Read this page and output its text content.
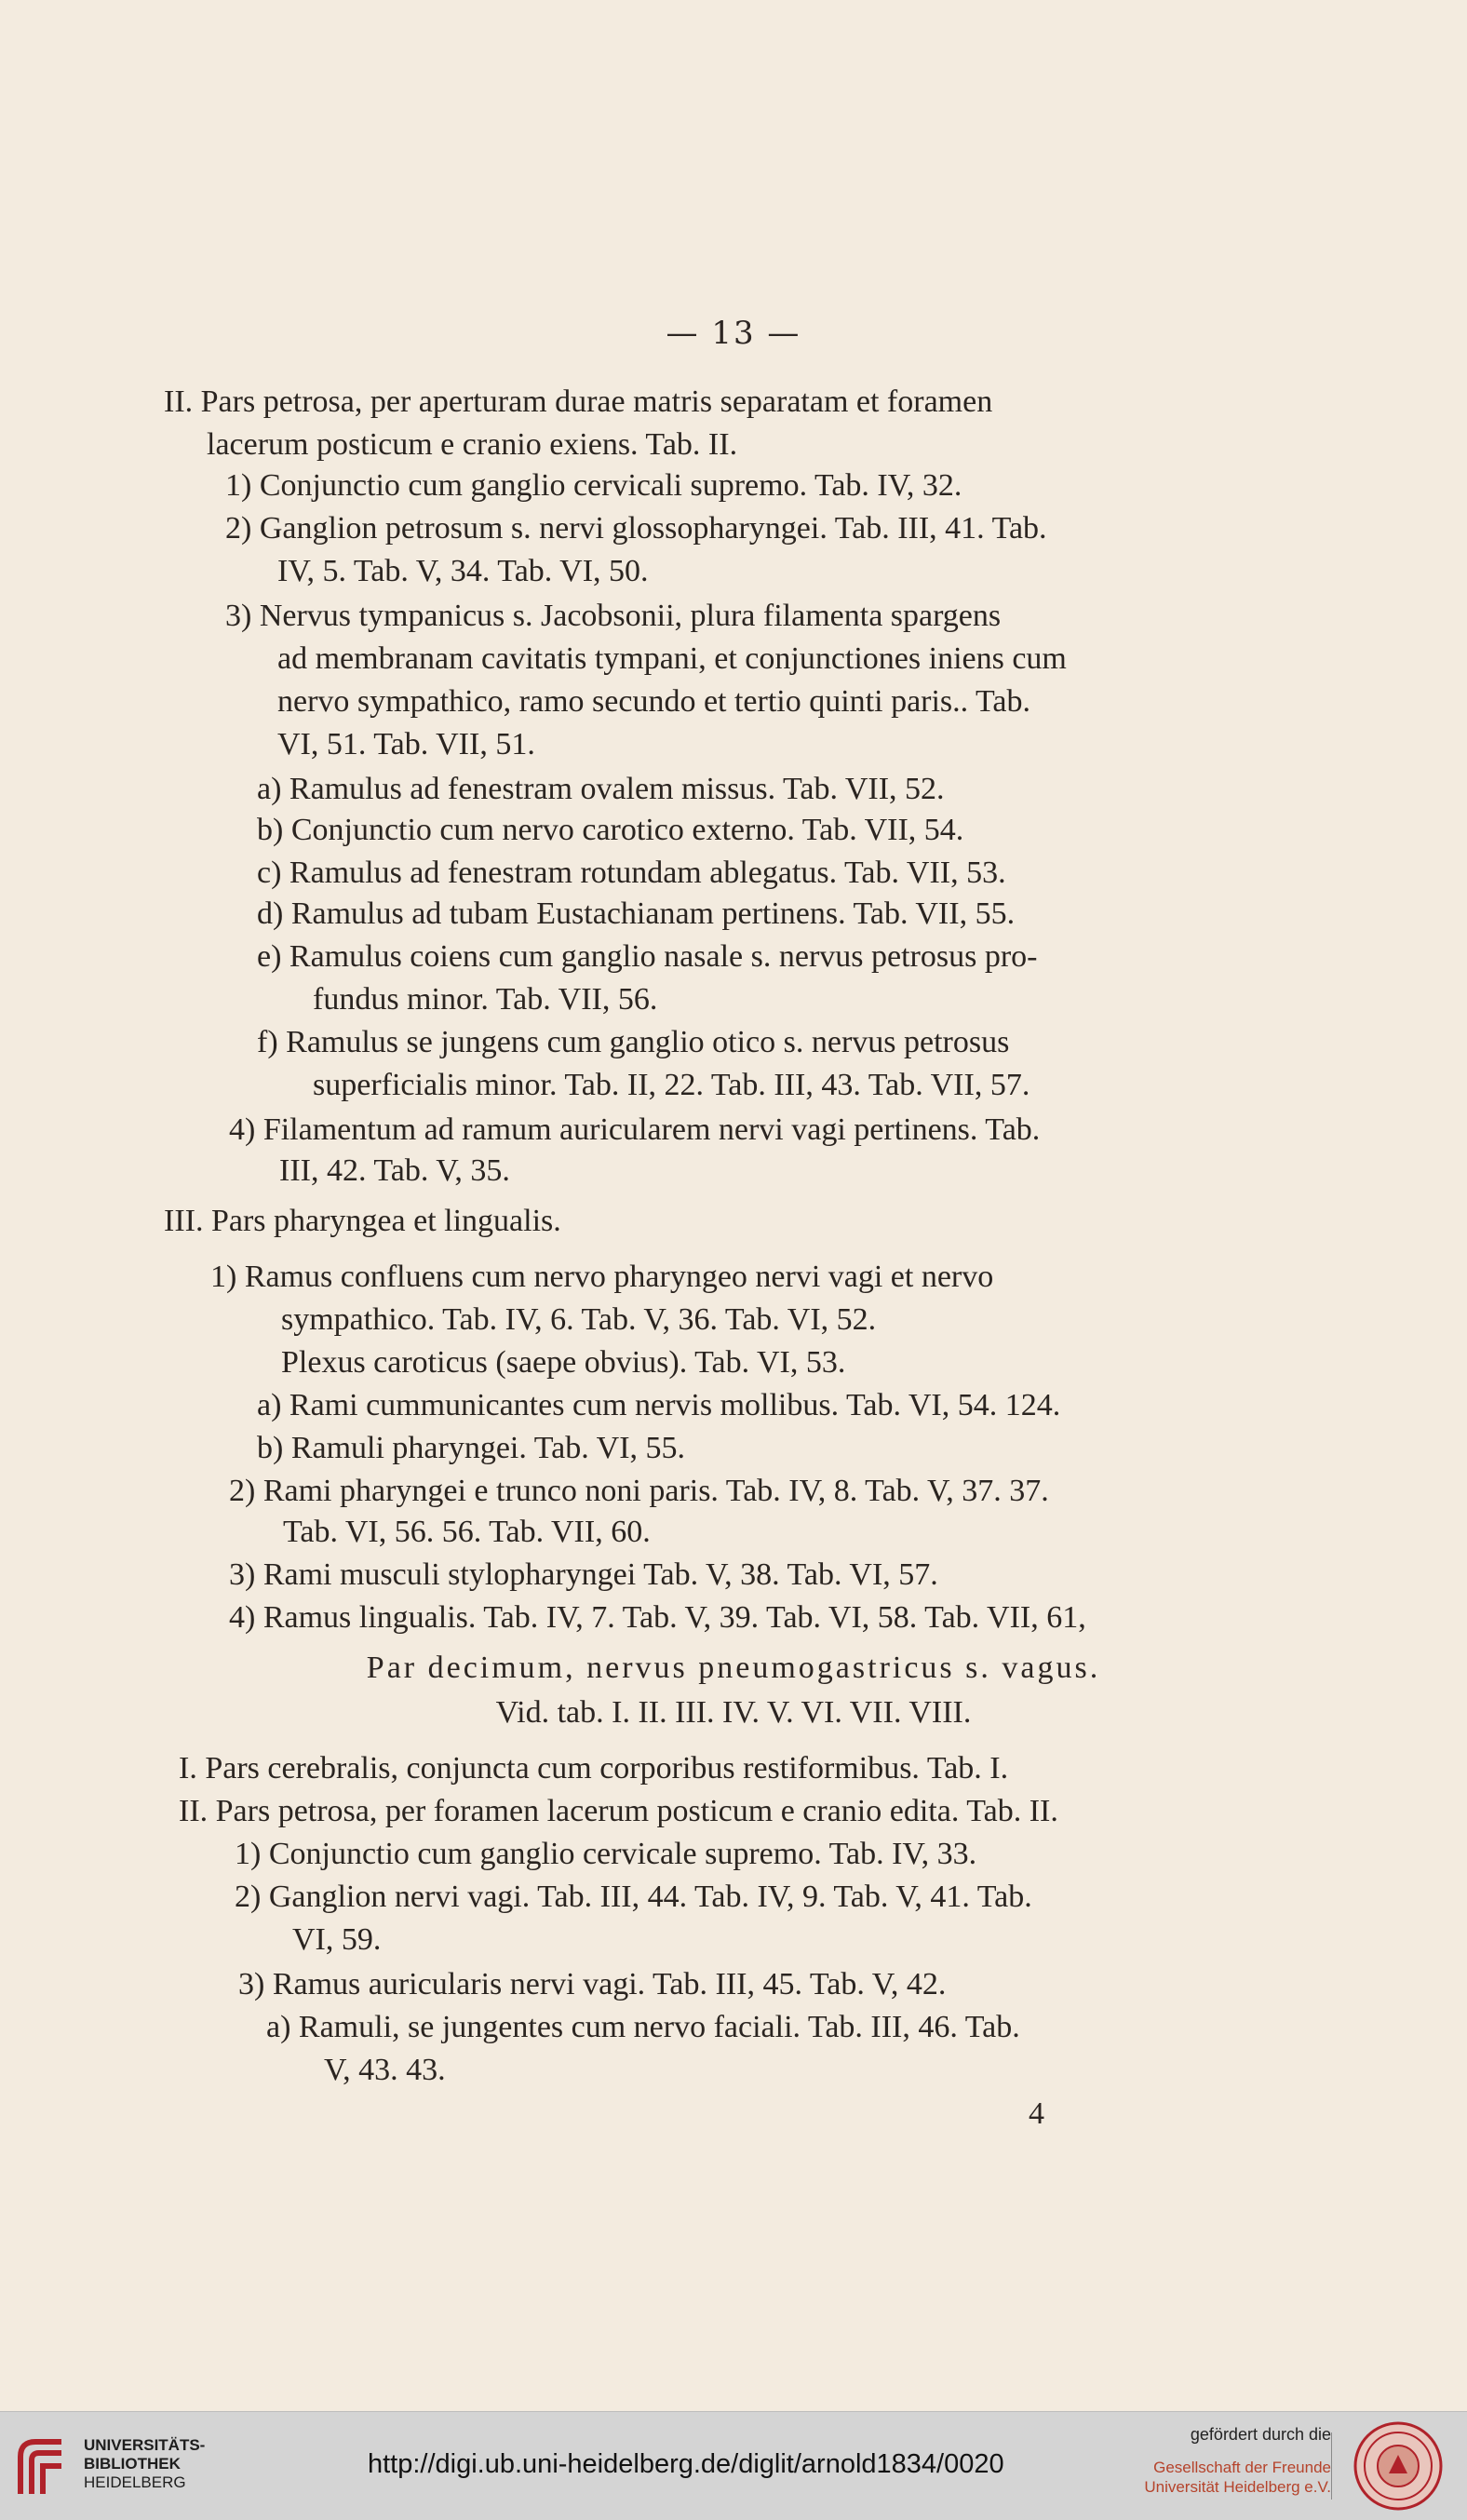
— 13 —
II. Pars petrosa, per aperturam durae matris separatam et foramen
lacerum posticum e cranio exiens. Tab. II.
1) Conjunctio cum ganglio cervicali supremo. Tab. IV, 32.
2) Ganglion petrosum s. nervi glossopharyngei. Tab. III, 41. Tab.
IV, 5. Tab. V, 34. Tab. VI, 50.
3) Nervus tympanicus s. Jacobsonii, plura filamenta spargens
ad membranam cavitatis tympani, et conjunctiones iniens cum
nervo sympathico, ramo secundo et tertio quinti paris.. Tab.
VI, 51. Tab. VII, 51.
a) Ramulus ad fenestram ovalem missus. Tab. VII, 52.
b) Conjunctio cum nervo carotico externo. Tab. VII, 54.
c) Ramulus ad fenestram rotundam ablegatus. Tab. VII, 53.
d) Ramulus ad tubam Eustachianam pertinens. Tab. VII, 55.
e) Ramulus coiens cum ganglio nasale s. nervus petrosus pro-
fundus minor. Tab. VII, 56.
f) Ramulus se jungens cum ganglio otico s. nervus petrosus
superficialis minor. Tab. II, 22. Tab. III, 43. Tab. VII, 57.
4) Filamentum ad ramum auricularem nervi vagi pertinens. Tab.
III, 42. Tab. V, 35.
III. Pars pharyngea et lingualis.
1) Ramus confluens cum nervo pharyngeo nervi vagi et nervo
sympathico. Tab. IV, 6. Tab. V, 36. Tab. VI, 52.
Plexus caroticus (saepe obvius). Tab. VI, 53.
a) Rami cummunicantes cum nervis mollibus. Tab. VI, 54. 124.
b) Ramuli pharyngei. Tab. VI, 55.
2) Rami pharyngei e trunco noni paris. Tab. IV, 8. Tab. V, 37. 37.
Tab. VI, 56. 56. Tab. VII, 60.
3) Rami musculi stylopharyngei Tab. V, 38. Tab. VI, 57.
4) Ramus lingualis. Tab. IV, 7. Tab. V, 39. Tab. VI, 58. Tab. VII, 61,
Par decimum, nervus pneumogastricus s. vagus.
Vid. tab. I. II. III. IV. V. VI. VII. VIII.
I. Pars cerebralis, conjuncta cum corporibus restiformibus. Tab. I.
II. Pars petrosa, per foramen lacerum posticum e cranio edita. Tab. II.
1) Conjunctio cum ganglio cervicale supremo. Tab. IV, 33.
2) Ganglion nervi vagi. Tab. III, 44. Tab. IV, 9. Tab. V, 41. Tab.
VI, 59.
3) Ramus auricularis nervi vagi. Tab. III, 45. Tab. V, 42.
a) Ramuli, se jungentes cum nervo faciali. Tab. III, 46. Tab.
V, 43. 43.
4
UNIVERSITÄTS-
BIBLIOTHEK
HEIDELBERG
http://digi.ub.uni-heidelberg.de/diglit/arnold1834/0020
gefördert durch die
Gesellschaft der Freunde
Universität Heidelberg e.V.
